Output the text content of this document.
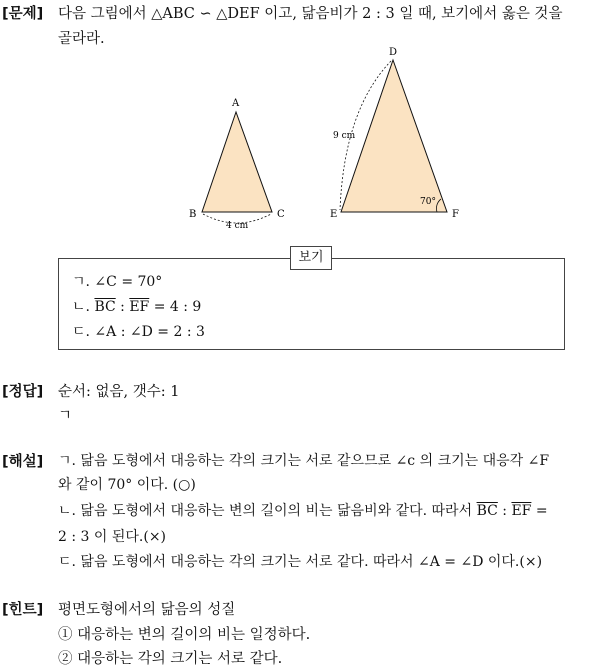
[문제] 다음 그림에서 △ABC ∽ △DEF 이고, 닮음비가 2 : 3 일 때, 보기에서 옳은 것을
골라라.
A
B	C
4 cm
D
E	F
9 cm
70°
보기
ㄱ. ∠C = 70°
ㄴ. $\overline{BC}$ : $\overline{EF} = 4$ : 9
ㄷ. ∠A : ∠D = 2 : 3
[정답] 순서: 없음, 갯수: 1
ㄱ
[해설] ㄱ. 닮음 도형에서 대응하는 각의 크기는 서로 같으므로 ∠c 의 크기는 대응각 ∠F
와 같이 70° 이다. (○)
ㄴ. 닮음 도형에서 대응하는 변의 길이의 비는 닮음비와 같다. 따라서 $\overline{BC}$ : $\overline{EF}$ =
2 : 3 이 된다.(×)
ㄷ. 닮음 도형에서 대응하는 각의 크기는 서로 같다. 따라서 ∠A = ∠D 이다.(×)
[힌트] 평면도형에서의 닮음의 성질
① 대응하는 변의 길이의 비는 일정하다.
② 대응하는 각의 크기는 서로 같다.
